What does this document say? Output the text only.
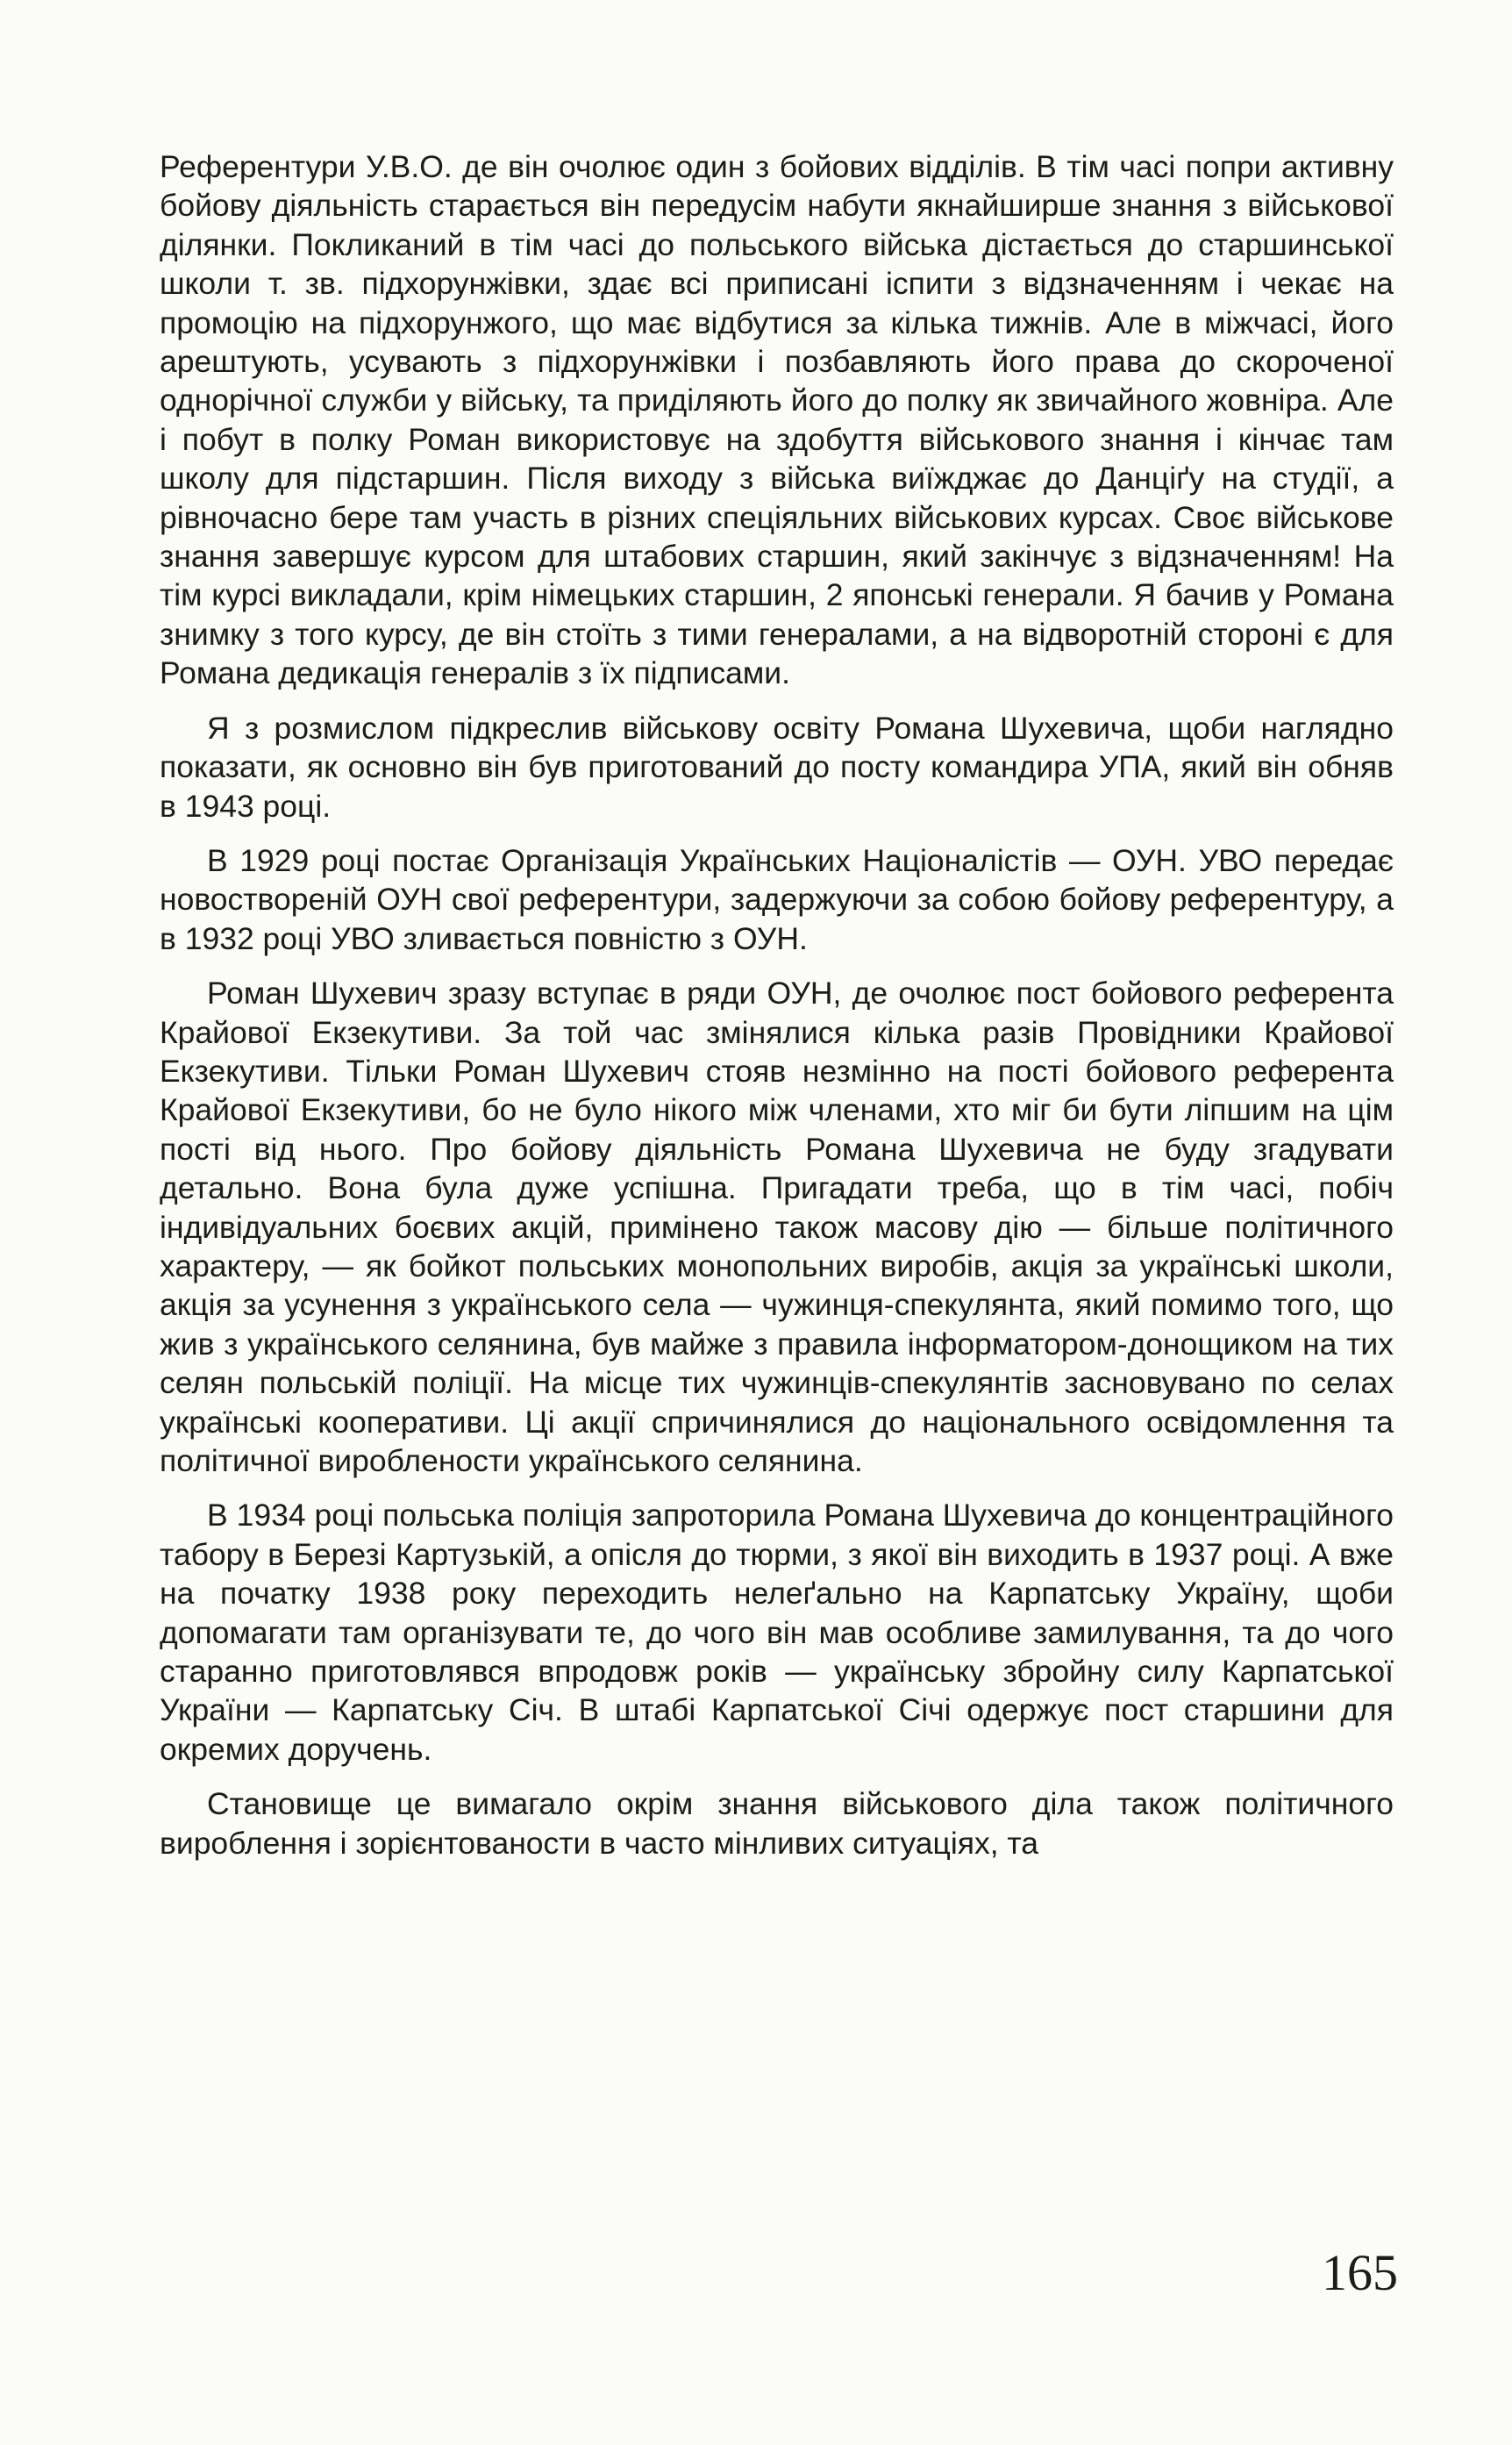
Референтури У.В.О. де він очолює один з бойових відділів. В тім часі попри активну бойову діяльність старається він передусім набути якнайширше знання з військової ділянки. Покликаний в тім часі до польського війська дістається до старшинської школи т. зв. підхорунжівки, здає всі приписані іспити з відзначенням і чекає на промоцію на підхорунжого, що має відбутися за кілька тижнів. Але в міжчасі, його арештують, усувають з підхорунжівки і позбавляють його права до скороченої однорічної служби у війську, та приділяють його до полку як звичайного жовніра. Але і побут в полку Роман використовує на здобуття військового знання і кінчає там школу для підстаршин. Після виходу з війська виїжджає до Данціґу на студії, а рівночасно бере там участь в різних спеціяльних військових курсах. Своє військове знання завершує курсом для штабових старшин, який закінчує з відзначенням! На тім курсі викладали, крім німецьких старшин, 2 японські генерали. Я бачив у Романа знимку з того курсу, де він стоїть з тими генералами, а на відворотній стороні є для Романа дедикація генералів з їх підписами.

Я з розмислом підкреслив військову освіту Романа Шухевича, щоби наглядно показати, як основно він був приготований до посту командира УПА, який він обняв в 1943 році.

В 1929 році постає Організація Українських Націоналістів — ОУН. УВО передає новоствореній ОУН свої референтури, задержуючи за собою бойову референтуру, а в 1932 році УВО зливається повністю з ОУН.

Роман Шухевич зразу вступає в ряди ОУН, де очолює пост бойового референта Крайової Екзекутиви. За той час змінялися кілька разів Провідники Крайової Екзекутиви. Тільки Роман Шухевич стояв незмінно на пості бойового референта Крайової Екзекутиви, бо не було нікого між членами, хто міг би бути ліпшим на цім пості від нього. Про бойову діяльність Романа Шухевича не буду згадувати детально. Вона була дуже успішна. Пригадати треба, що в тім часі, побіч індивідуальних боєвих акцій, примінено також масову дію — більше політичного характеру, — як бойкот польських монопольних виробів, акція за українські школи, акція за усунення з українського села — чужинця-спекулянта, який помимо того, що жив з українського селянина, був майже з правила інформатором-донощиком на тих селян польській поліції. На місце тих чужинців-спекулянтів засновувано по селах українські кооперативи. Ці акції спричинялися до національного освідомлення та політичної вироблености українського селянина.

В 1934 році польська поліція запроторила Романа Шухевича до концентраційного табору в Березі Картузькій, а опісля до тюрми, з якої він виходить в 1937 році. А вже на початку 1938 року переходить нелеґально на Карпатську Україну, щоби допомагати там організувати те, до чого він мав особливе замилування, та до чого старанно приготовлявся впродовж років — українську збройну силу Карпатської України — Карпатську Січ. В штабі Карпатської Січі одержує пост старшини для окремих доручень.

Становище це вимагало окрім знання військового діла також політичного вироблення і зорієнтованости в часто мінливих ситуаціях, та

165
